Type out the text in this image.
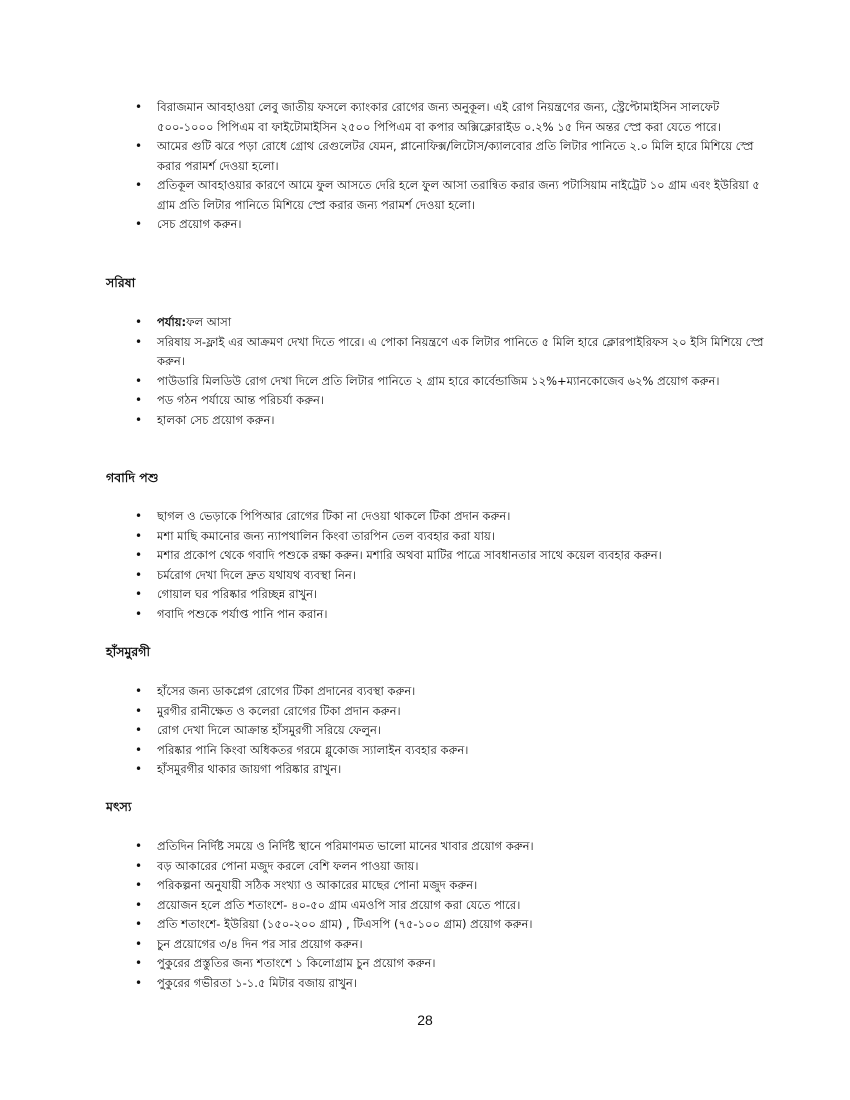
• বিরাজমান আবহাওয়া লেবু জাতীয় ফসলে ক্যাংকার রোগের জন্য অনুকূল। এই রোগ নিয়ন্ত্রণের জন্য, স্ট্রেপ্টোমাইসিন সালফেট ৫০০-১০০০ পিপিএম বা ফাইটোমাইসিন ২৫০০ পিপিএম বা কপার অক্সিক্লোরাইড ০.২% ১৫ দিন অন্তর স্প্রে করা যেতে পারে।
• আমের গুটি ঝরে পড়া রোধে গ্রোথ রেগুলেটর যেমন, প্লানোফিক্স/লিটোস/ক্যালবোর প্রতি লিটার পানিতে ২.০ মিলি হারে মিশিয়ে স্প্রে করার পরামর্শ দেওয়া হলো।
• প্রতিকূল আবহাওয়ার কারণে আমে ফুল আসতে দেরি হলে ফুল আসা তরান্বিত করার জন্য পটাসিয়াম নাইট্রেট ১০ গ্রাম এবং ইউরিয়া ৫ গ্রাম প্রতি লিটার পানিতে মিশিয়ে স্প্রে করার জন্য পরামর্শ দেওয়া হলো।
• সেচ প্রয়োগ করুন।
সরিষা
• পর্যায়:ফল আসা
• সরিষায় স-ফ্লাই এর আক্রমণ দেখা দিতে পারে। এ পোকা নিয়ন্ত্রণে এক লিটার পানিতে ৫ মিলি হারে ক্লোরপাইরিফস ২০ ইসি মিশিয়ে স্প্রে করুন।
• পাউডারি মিলডিউ রোগ দেখা দিলে প্রতি লিটার পানিতে ২ গ্রাম হারে কার্বেন্ডাজিম ১২%+ম্যানকোজেব ৬২% প্রয়োগ করুন।
• পড গঠন পর্যায়ে আন্ত পরিচর্যা করুন।
• হালকা সেচ প্রয়োগ করুন।
গবাদি পশু
• ছাগল ও ভেড়াকে পিপিআর রোগের টিকা না দেওয়া থাকলে টিকা প্রদান করুন।
• মশা মাছি কমানোর জন্য ন্যাপথালিন কিংবা তারপিন তেল ব্যবহার করা যায়।
• মশার প্রকোপ থেকে গবাদি পশুকে রক্ষা করুন। মশারি অথবা মাটির পাত্রে সাবধানতার সাথে কয়েল ব্যবহার করুন।
• চর্মরোগ দেখা দিলে দ্রুত যথাযথ ব্যবস্থা নিন।
• গোয়াল ঘর পরিষ্কার পরিচ্ছন্ন রাখুন।
• গবাদি পশুকে পর্যাপ্ত পানি পান করান।
হাঁসমুরগী
• হাঁসের জন্য ডাকপ্লেগ রোগের টিকা প্রদানের ব্যবস্থা করুন।
• মুরগীর রানীক্ষেত ও কলেরা রোগের টিকা প্রদান করুন।
• রোগ দেখা দিলে আক্রান্ত হাঁসমুরগী সরিয়ে ফেলুন।
• পরিষ্কার পানি কিংবা অধিকতর গরমে গ্লুকোজ স্যালাইন ব্যবহার করুন।
• হাঁসমুরগীর থাকার জায়গা পরিষ্কার রাখুন।
মৎস্য
• প্রতিদিন নির্দিষ্ট সময়ে ও নির্দিষ্ট স্থানে পরিমাণমত ভালো মানের খাবার প্রয়োগ করুন।
• বড় আকারের পোনা মজুদ করলে বেশি ফলন পাওয়া জায়।
• পরিকল্পনা অনুযায়ী সঠিক সংখ্যা ও আকারের মাছের পোনা মজুদ করুন।
• প্রয়োজন হলে প্রতি শতাংশে- ৪০-৫০ গ্রাম এমওপি সার প্রয়োগ করা যেতে পারে।
• প্রতি শতাংশে- ইউরিয়া (১৫০-২০০ গ্রাম) , টিএসপি (৭৫-১০০ গ্রাম) প্রয়োগ করুন।
• চুন প্রয়োগের ৩/৪ দিন পর সার প্রয়োগ করুন।
• পুকুরের প্রস্তুতির জন্য শতাংশে ১ কিলোগ্রাম চুন প্রয়োগ করুন।
• পুকুরের গভীরতা ১-১.৫ মিটার বজায় রাখুন।
28
